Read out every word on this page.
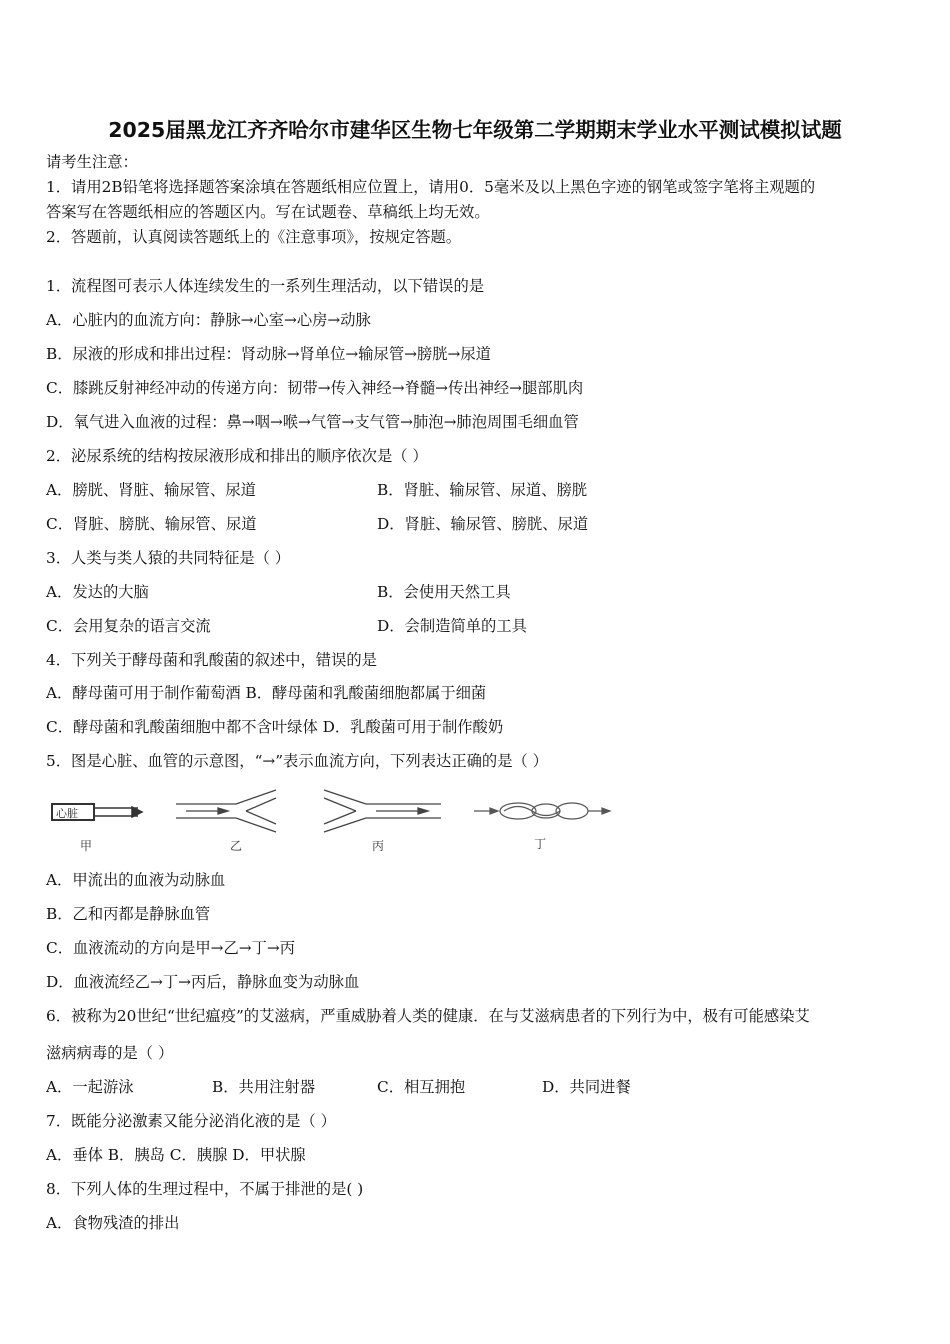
2025届黑龙江齐齐哈尔市建华区生物七年级第二学期期末学业水平测试模拟试题
请考生注意：
1．请用2B铅笔将选择题答案涂填在答题纸相应位置上，请用0．5毫米及以上黑色字迹的钢笔或签字笔将主观题的
答案写在答题纸相应的答题区内。写在试题卷、草稿纸上均无效。
2．答题前，认真阅读答题纸上的《注意事项》，按规定答题。
1．流程图可表示人体连续发生的一系列生理活动，以下错误的是
A．心脏内的血流方向：静脉→心室→心房→动脉
B．尿液的形成和排出过程：肾动脉→肾单位→输尿管→膀胱→尿道
C．膝跳反射神经冲动的传递方向：韧带→传入神经→脊髓→传出神经→腿部肌肉
D．氧气进入血液的过程：鼻→咽→喉→气管→支气管→肺泡→肺泡周围毛细血管
2．泌尿系统的结构按尿液形成和排出的顺序依次是（ ）
A．膀胱、肾脏、输尿管、尿道	B．肾脏、输尿管、尿道、膀胱
C．肾脏、膀胱、输尿管、尿道	D．肾脏、输尿管、膀胱、尿道
3．人类与类人猿的共同特征是（ ）
A．发达的大脑	B．会使用天然工具
C．会用复杂的语言交流	D．会制造简单的工具
4．下列关于酵母菌和乳酸菌的叙述中，错误的是
A．酵母菌可用于制作葡萄酒 B．酵母菌和乳酸菌细胞都属于细菌
C．酵母菌和乳酸菌细胞中都不含叶绿体 D．乳酸菌可用于制作酸奶
5．图是心脏、血管的示意图，“→”表示血流方向，下列表达正确的是（ ）
心脏
甲	乙	丙	丁
A．甲流出的血液为动脉血
B．乙和丙都是静脉血管
C．血液流动的方向是甲→乙→丁→丙
D．血液流经乙→丁→丙后，静脉血变为动脉血
6．被称为20世纪“世纪瘟疫”的艾滋病，严重威胁着人类的健康．在与艾滋病患者的下列行为中，极有可能感染艾
滋病病毒的是（ ）
A．一起游泳	B．共用注射器	C．相互拥抱	D．共同进餐
7．既能分泌激素又能分泌消化液的是（ ）
A．垂体 B．胰岛 C．胰腺 D．甲状腺
8．下列人体的生理过程中，不属于排泄的是( )
A．食物残渣的排出
